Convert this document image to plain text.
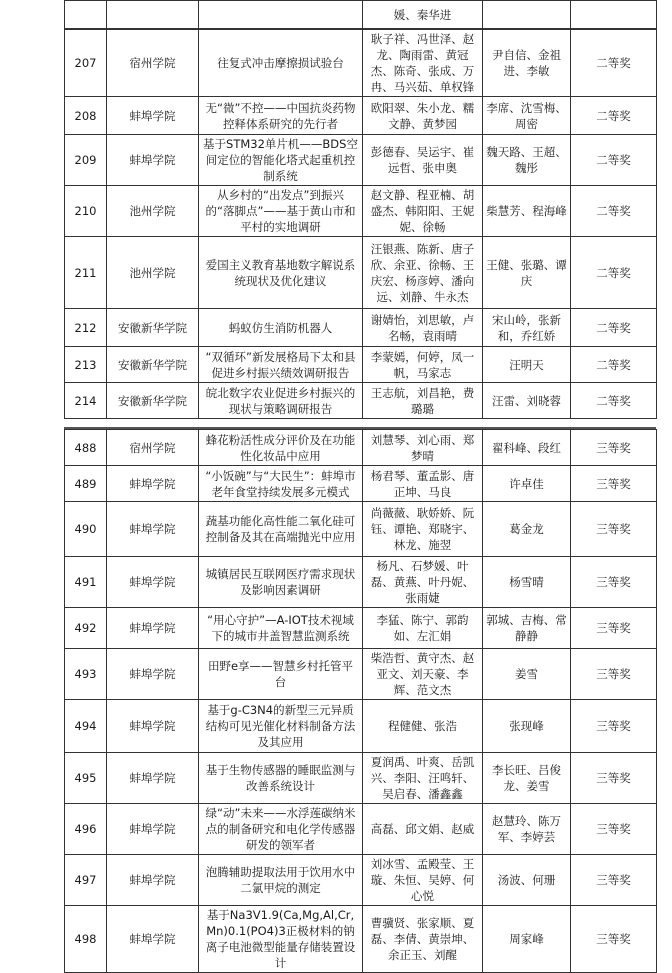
			媛、秦华进		
207	宿州学院	往复式冲击摩擦损试验台	耿子祥、冯世泽、赵龙、陶雨雷、黄冠杰、陈奇、张成、万冉、马兴茹、单权锋	尹自信、金祖进、李敏	二等奖
208	蚌埠学院	无“微”不控——中国抗炎药物控释体系研究的先行者	欧阳翠、朱小龙、糯文静、黄梦园	李席、沈雪梅、周密	二等奖
209	蚌埠学院	基于STM32单片机——BDS空间定位的智能化塔式起重机控制系统	彭德春、吴运宇、崔远哲、张申奥	魏天路、王超、魏彤	二等奖
210	池州学院	从乡村的“出发点”到振兴的“落脚点”——基于黄山市和平村的实地调研	赵文静、程亚楠、胡盛杰、韩阳阳、王妮妮、徐畅	柴慧芳、程海峰	二等奖
211	池州学院	爱国主义教育基地数字解说系统现状及优化建议	汪银燕、陈新、唐子欣、余亚、徐畅、王庆宏、杨彦婷、潘向远、刘静、牛永杰	王健、张璐、谭庆	二等奖
212	安徽新华学院	蚂蚁仿生消防机器人	谢婧怡，刘思敏，卢名畅，袁雨晴	宋山岭，张新和，乔红娇	二等奖
213	安徽新华学院	“双循环”新发展格局下太和县促进乡村振兴绩效调研报告	李蒙嫣，何婷，凤一帆，马家志	汪明天	二等奖
214	安徽新华学院	皖北数字农业促进乡村振兴的现状与策略调研报告	王志航，刘昌艳，费璐璐	汪雷、刘晓蓉	二等奖
488	宿州学院	蜂花粉活性成分评价及在功能性化妆品中应用	刘慧琴、刘心雨、郑梦晴	翟科峰、段红	三等奖
489	蚌埠学院	“小饭碗”与“大民生”：蚌埠市老年食堂持续发展多元模式	杨君琴、董孟影、唐正坤、马良	许卓佳	三等奖
490	蚌埠学院	蔬基功能化高性能二氧化硅可控制备及其在高端抛光中应用	尚薇薇、耿娇娇、阮钰、谭艳、郑晓宇、林龙、施翌	葛金龙	三等奖
491	蚌埠学院	城镇居民互联网医疗需求现状及影响因素调研	杨凡、石梦媛、叶磊、黄燕、叶丹妮、张雨婕	杨雪晴	三等奖
492	蚌埠学院	“用心守护”—A-IOT技术视域下的城市井盖智慧监测系统	李猛、陈宁、郭韵如、左汇娟	郭城、吉梅、常静静	三等奖
493	蚌埠学院	田野e享——智慧乡村托管平台	柴浩哲、黄守杰、赵亚文、刘天豪、李辉、范文杰	姜雪	三等奖
494	蚌埠学院	基于g-C3N4的新型三元异质结构可见光催化材料制备方法及其应用	程健健、张浩	张现峰	三等奖
495	蚌埠学院	基于生物传感器的睡眠监测与改善系统设计	夏润禹、叶爽、岳凯兴、李阳、汪鸣轩、吴启春、潘鑫鑫	李长旺、吕俊龙、姜雪	三等奖
496	蚌埠学院	绿“动”未来——水浮莲碳纳米点的制备研究和电化学传感器研发的领军者	高磊、邱文娟、赵威	赵慧玲、陈万军、李婷芸	三等奖
497	蚌埠学院	泡腾辅助提取法用于饮用水中二氯甲烷的测定	刘冰雪、孟殿莹、王璇、朱恒、吴婷、何心悦	汤波、何珊	三等奖
498	蚌埠学院	基于Na3V1.9(Ca,Mg,Al,Cr,Mn)0.1(PO4)3正极材料的钠离子电池微型能量存储装置设计	曹骥贤、张家顺、夏磊、李倩、黄崇坤、余正玉、刘醒	周家峰	三等奖
